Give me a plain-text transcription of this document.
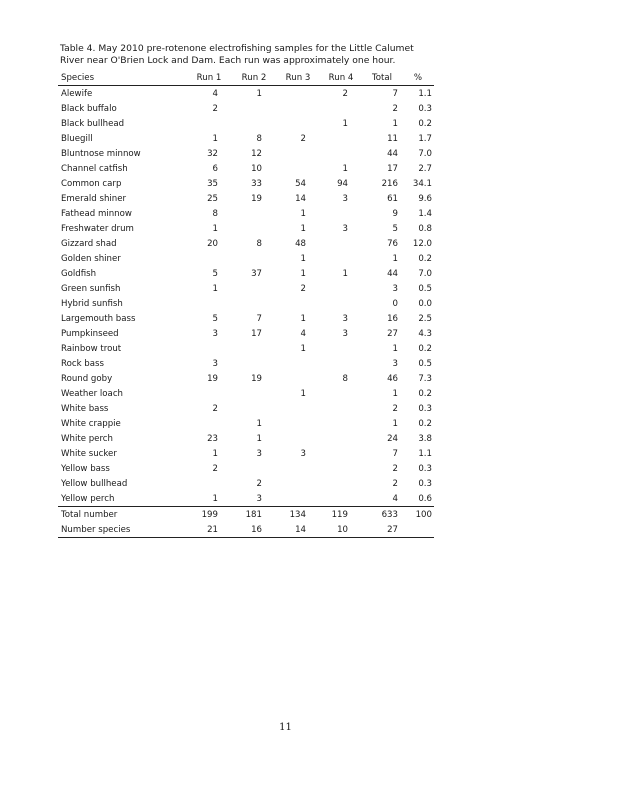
Table 4. May 2010 pre-rotenone electrofishing samples for the Little Calumet River near O'Brien Lock and Dam. Each run was approximately one hour.

Species	Run 1	Run 2	Run 3	Run 4	Total	%
Alewife	4	1		2	7	1.1
Black buffalo	2				2	0.3
Black bullhead				1	1	0.2
Bluegill	1	8	2		11	1.7
Bluntnose minnow	32	12			44	7.0
Channel catfish	6	10		1	17	2.7
Common carp	35	33	54	94	216	34.1
Emerald shiner	25	19	14	3	61	9.6
Fathead minnow	8		1		9	1.4
Freshwater drum	1		1	3	5	0.8
Gizzard shad	20	8	48		76	12.0
Golden shiner			1		1	0.2
Goldfish	5	37	1	1	44	7.0
Green sunfish	1		2		3	0.5
Hybrid sunfish					0	0.0
Largemouth bass	5	7	1	3	16	2.5
Pumpkinseed	3	17	4	3	27	4.3
Rainbow trout			1		1	0.2
Rock bass	3				3	0.5
Round goby	19	19		8	46	7.3
Weather loach			1		1	0.2
White bass	2				2	0.3
White crappie		1			1	0.2
White perch	23	1			24	3.8
White sucker	1	3	3		7	1.1
Yellow bass	2				2	0.3
Yellow bullhead		2			2	0.3
Yellow perch	1	3			4	0.6
Total number	199	181	134	119	633	100
Number species	21	16	14	10	27	
11
